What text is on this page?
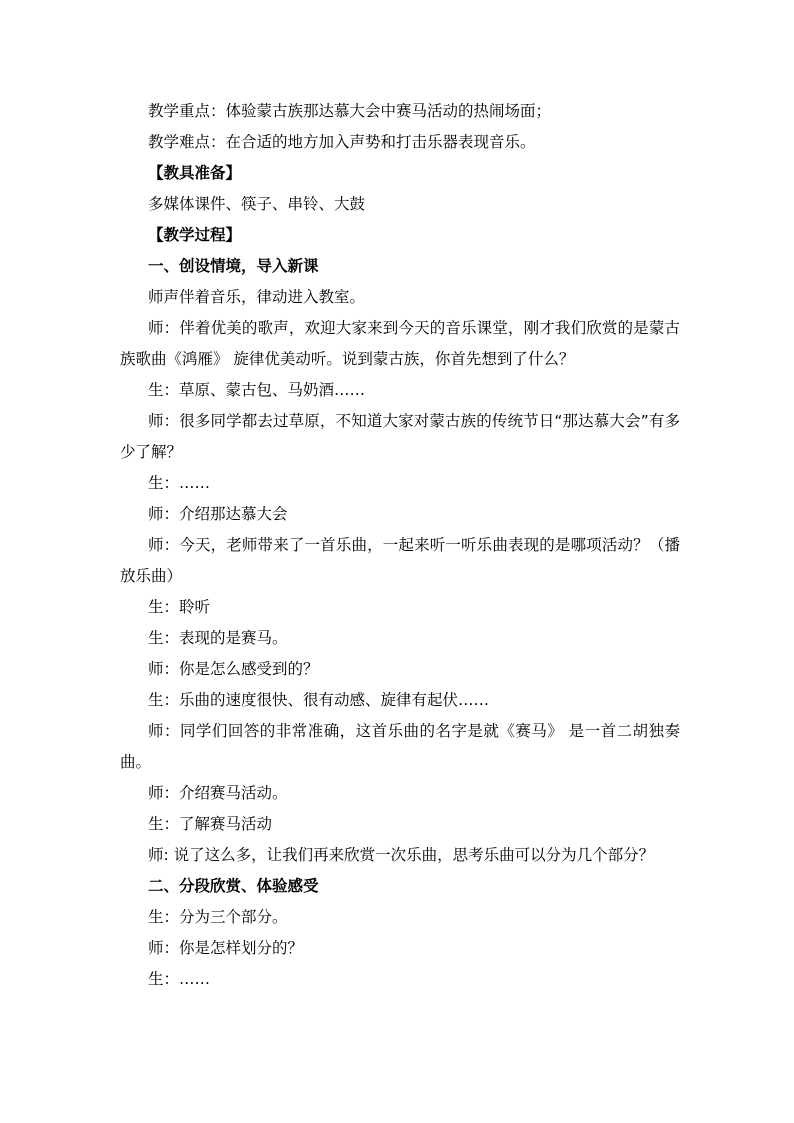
教学重点：体验蒙古族那达慕大会中赛马活动的热闹场面；
教学难点：在合适的地方加入声势和打击乐器表现音乐。
【教具准备】
多媒体课件、筷子、串铃、大鼓
【教学过程】
一、创设情境，导入新课
师声伴着音乐，律动进入教室。
师：伴着优美的歌声，欢迎大家来到今天的音乐课堂，刚才我们欣赏的是蒙古族歌曲《鸿雁》 旋律优美动听。说到蒙古族，你首先想到了什么？
生：草原、蒙古包、马奶酒……
师：很多同学都去过草原，不知道大家对蒙古族的传统节日“那达慕大会”有多少了解？
生：……
师：介绍那达慕大会
师：今天，老师带来了一首乐曲，一起来听一听乐曲表现的是哪项活动？（播放乐曲）
生：聆听
生：表现的是赛马。
师：你是怎么感受到的？
生：乐曲的速度很快、很有动感、旋律有起伏……
师：同学们回答的非常准确，这首乐曲的名字是就《赛马》 是一首二胡独奏曲。
师：介绍赛马活动。
生：了解赛马活动
师: 说了这么多，让我们再来欣赏一次乐曲，思考乐曲可以分为几个部分？
二、分段欣赏、体验感受
生：分为三个部分。
师：你是怎样划分的？
生：……
